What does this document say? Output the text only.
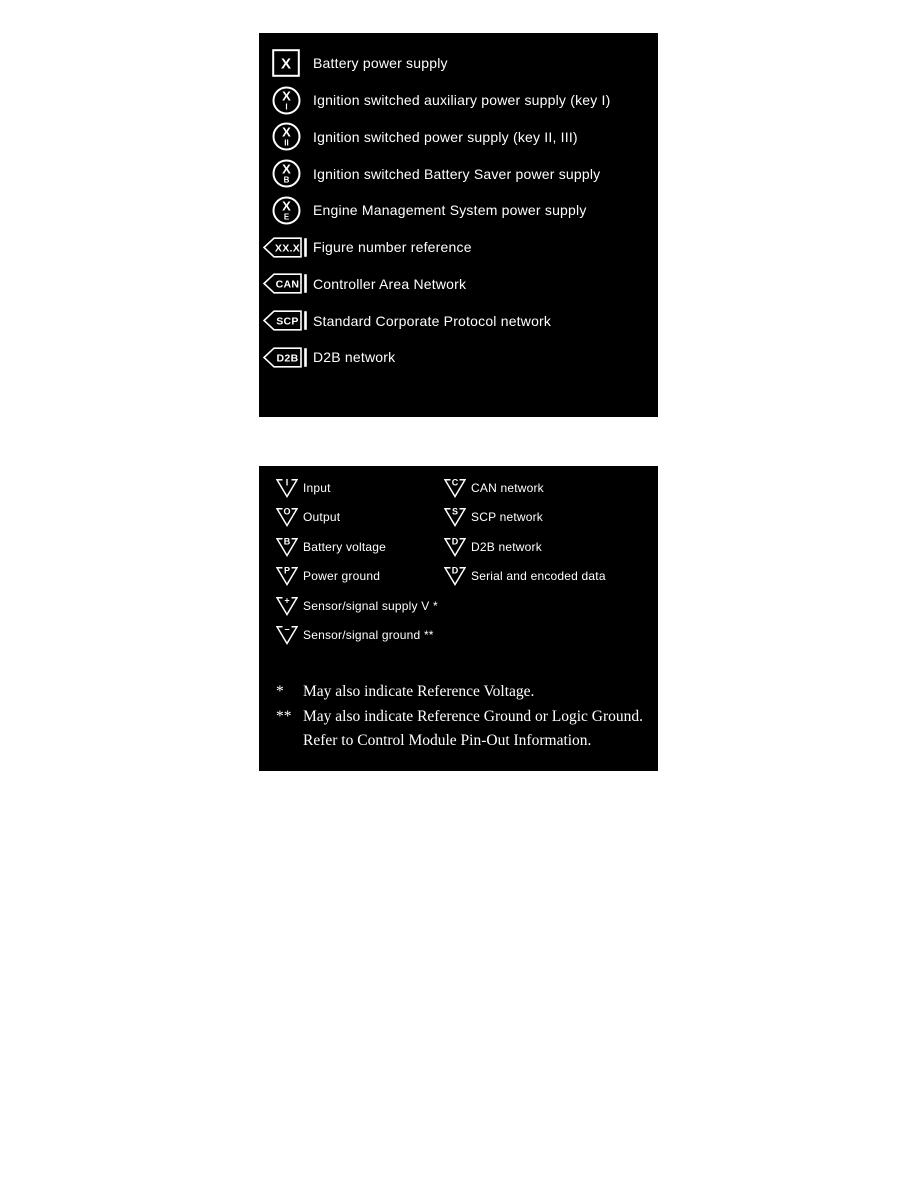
X Battery power supply
X
I Ignition switched auxiliary power supply (key I)
X
II Ignition switched power supply (key II, III)
X
B Ignition switched Battery Saver power supply
X
E Engine Management System power supply
XX.X Figure number reference
CAN Controller Area Network
SCP Standard Corporate Protocol network
D2B D2B network
I Input
O Output
B Battery voltage
P Power ground
+ Sensor/signal supply V *
− Sensor/signal ground **
C CAN network
S SCP network
D D2B network
D Serial and encoded data
*	May also indicate Reference Voltage.
** May also indicate Reference Ground or Logic Ground.
Refer to Control Module Pin-Out Information.
